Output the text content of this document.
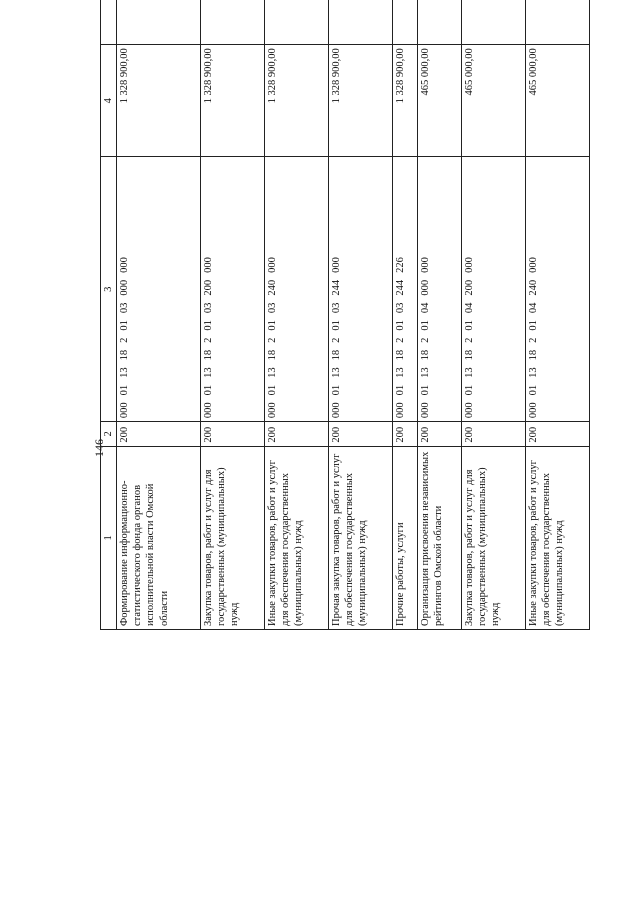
146
1	2	3	4		
Формирование информационно-статистического фонда органов исполнительной власти Омской области	200	00001131820103000000	1 328 900,00		
Закупка товаров, работ и услуг для государственных (муниципальных) нужд	200	00001131820103200000	1 328 900,00		
Иные закупки товаров, работ и услуг для обеспечения государственных (муниципальных) нужд	200	00001131820103240000	1 328 900,00		
Прочая закупка товаров, работ и услуг для обеспечения государственных (муниципальных) нужд	200	00001131820103244000	1 328 900,00		
Прочие работы, услуги	200	00001131820103244226	1 328 900,00		
Организация присвоения независимых рейтингов Омской области	200	00001131820104000000	465 000,00		
Закупка товаров, работ и услуг для государственных (муниципальных) нужд	200	00001131820104200000	465 000,00		
Иные закупки товаров, работ и услуг для обеспечения государственных (муниципальных) нужд	200	00001131820104240000	465 000,00		
